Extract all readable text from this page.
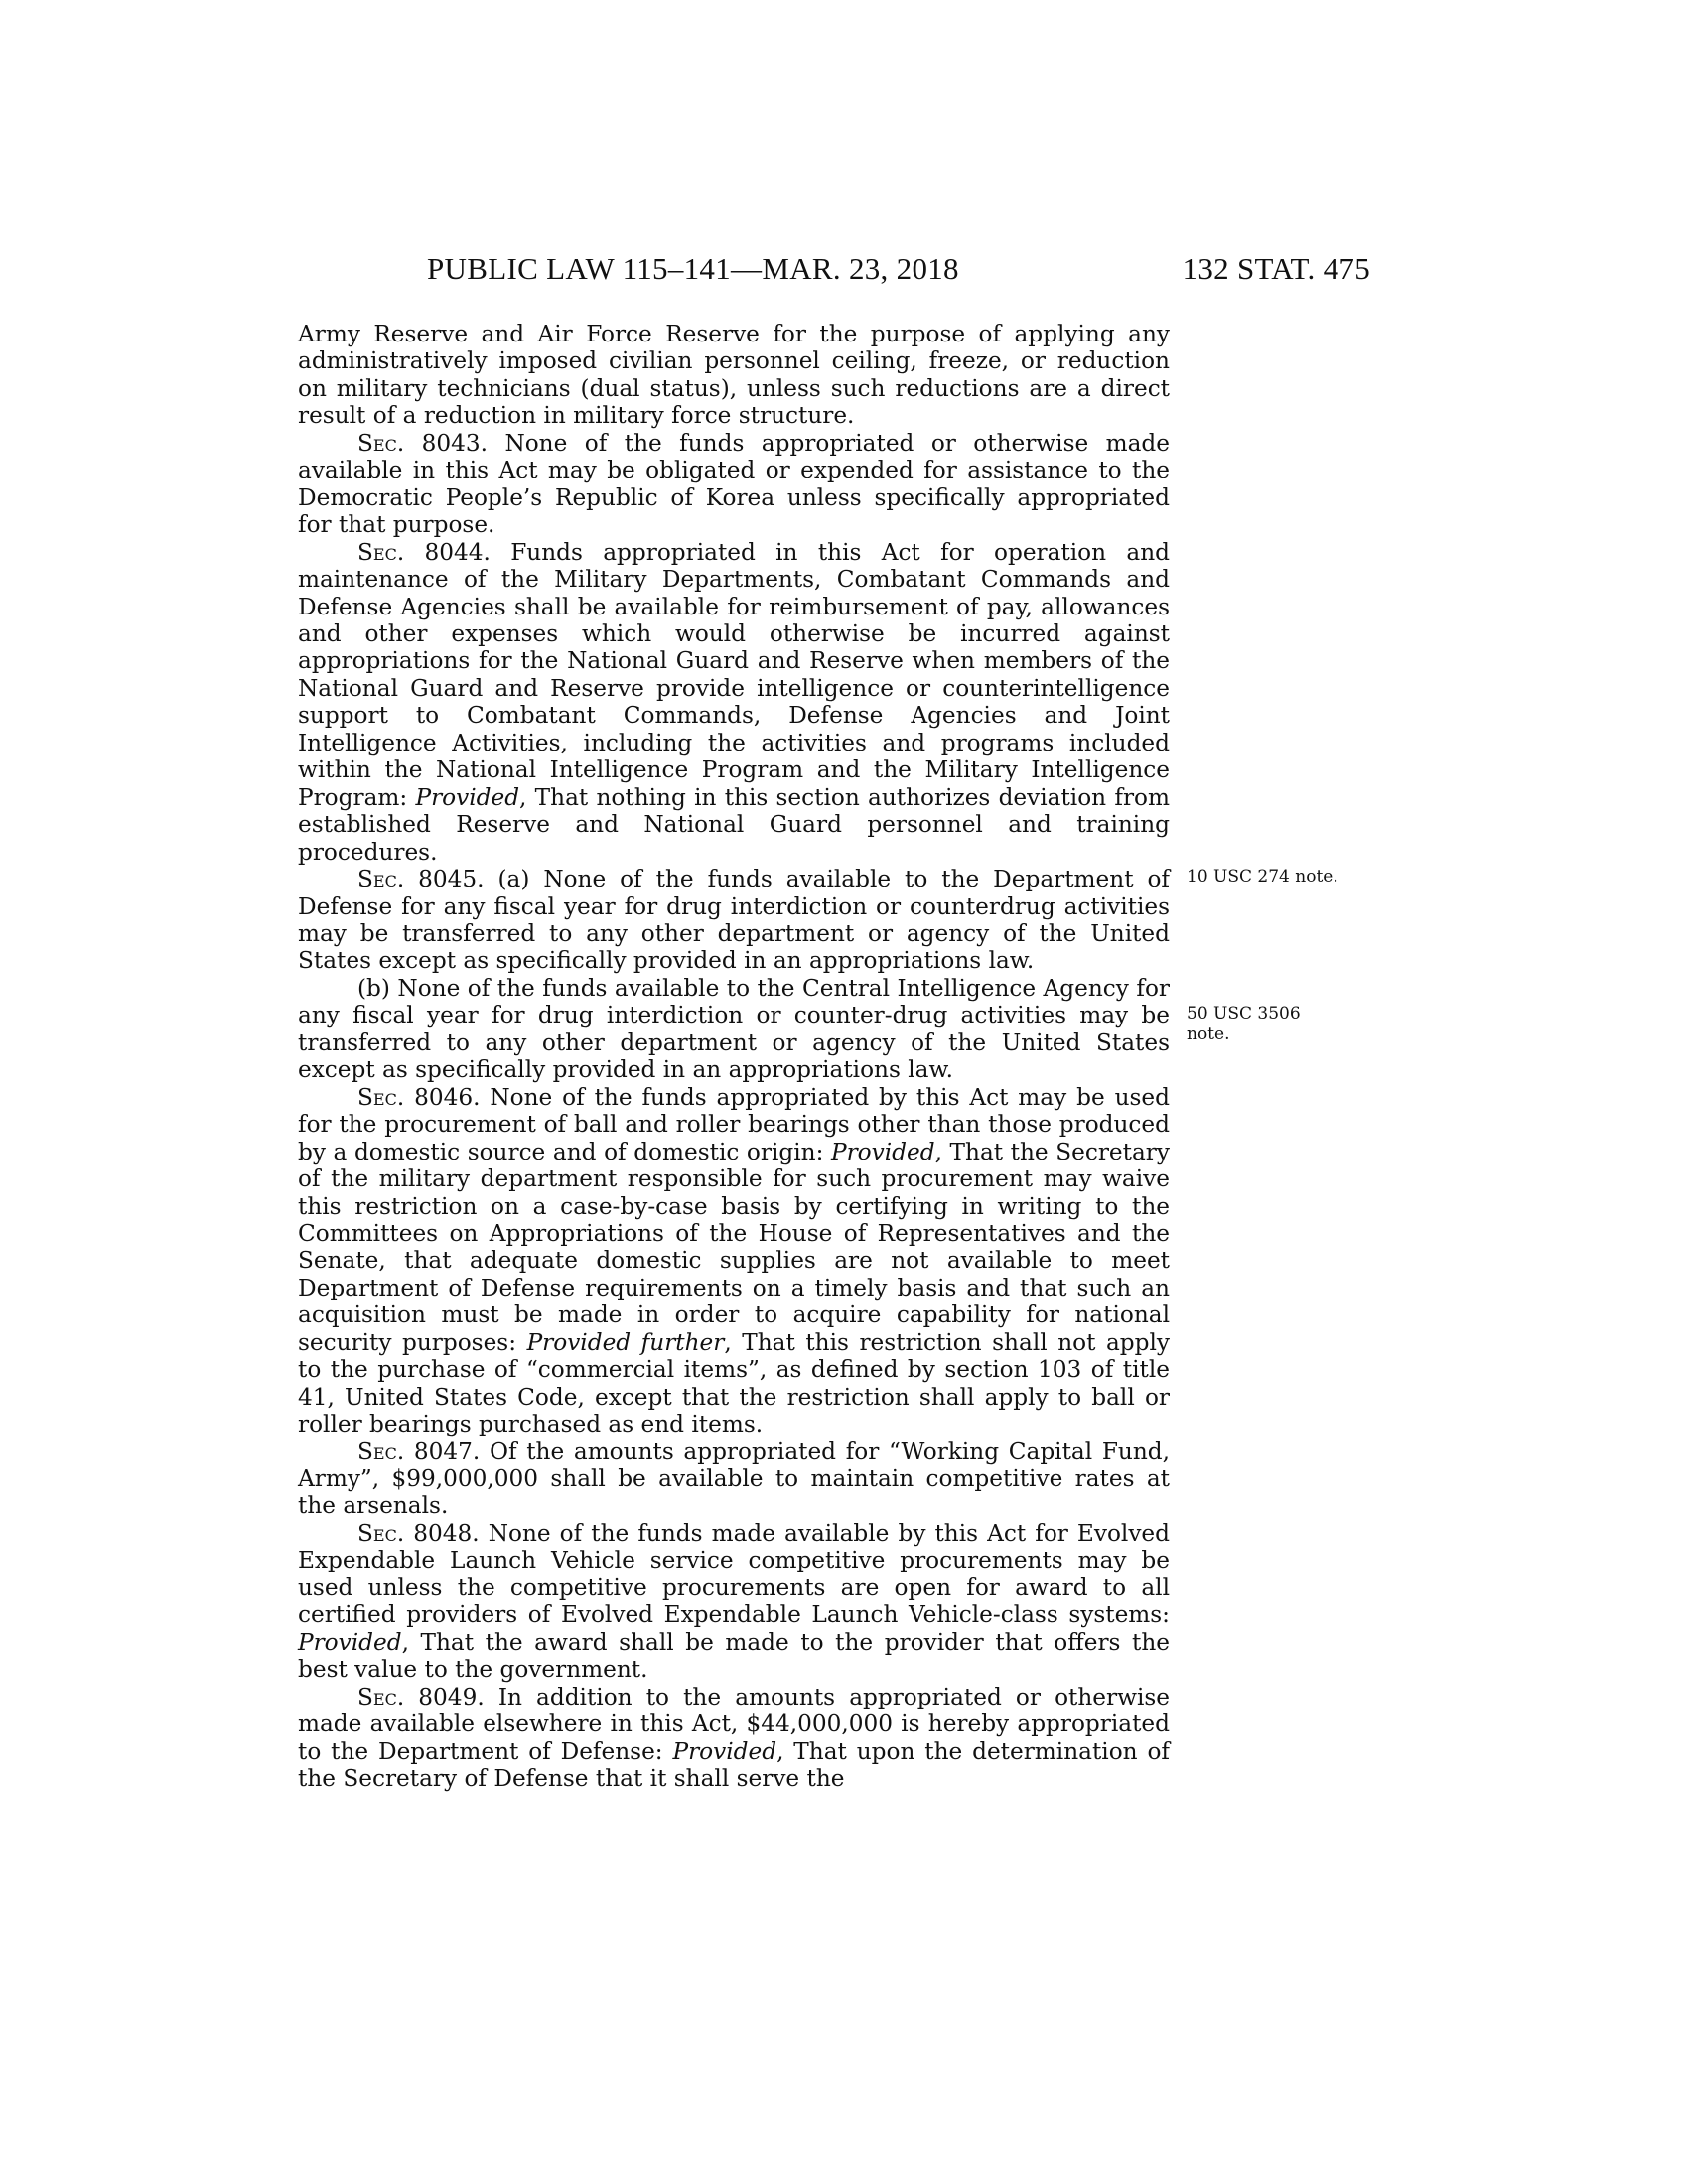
PUBLIC LAW 115–141—MAR. 23, 2018	132 STAT. 475

Army Reserve and Air Force Reserve for the purpose of applying any administratively imposed civilian personnel ceiling, freeze, or reduction on military technicians (dual status), unless such reductions are a direct result of a reduction in military force structure.

Sec. 8043. None of the funds appropriated or otherwise made available in this Act may be obligated or expended for assistance to the Democratic People’s Republic of Korea unless specifically appropriated for that purpose.

Sec. 8044. Funds appropriated in this Act for operation and maintenance of the Military Departments, Combatant Commands and Defense Agencies shall be available for reimbursement of pay, allowances and other expenses which would otherwise be incurred against appropriations for the National Guard and Reserve when members of the National Guard and Reserve provide intelligence or counterintelligence support to Combatant Commands, Defense Agencies and Joint Intelligence Activities, including the activities and programs included within the National Intelligence Program and the Military Intelligence Program: Provided, That nothing in this section authorizes deviation from established Reserve and National Guard personnel and training procedures.

Sec. 8045. (a) None of the funds available to the Department of Defense for any fiscal year for drug interdiction or counterdrug activities may be transferred to any other department or agency of the United States except as specifically provided in an appropriations law.

(b) None of the funds available to the Central Intelligence Agency for any fiscal year for drug interdiction or counter-drug activities may be transferred to any other department or agency of the United States except as specifically provided in an appropriations law.

Sec. 8046. None of the funds appropriated by this Act may be used for the procurement of ball and roller bearings other than those produced by a domestic source and of domestic origin: Provided, That the Secretary of the military department responsible for such procurement may waive this restriction on a case-by-case basis by certifying in writing to the Committees on Appropriations of the House of Representatives and the Senate, that adequate domestic supplies are not available to meet Department of Defense requirements on a timely basis and that such an acquisition must be made in order to acquire capability for national security purposes: Provided further, That this restriction shall not apply to the purchase of “commercial items”, as defined by section 103 of title 41, United States Code, except that the restriction shall apply to ball or roller bearings purchased as end items.

Sec. 8047. Of the amounts appropriated for “Working Capital Fund, Army”, $99,000,000 shall be available to maintain competitive rates at the arsenals.

Sec. 8048. None of the funds made available by this Act for Evolved Expendable Launch Vehicle service competitive procurements may be used unless the competitive procurements are open for award to all certified providers of Evolved Expendable Launch Vehicle-class systems: Provided, That the award shall be made to the provider that offers the best value to the government.

Sec. 8049. In addition to the amounts appropriated or otherwise made available elsewhere in this Act, $44,000,000 is hereby appropriated to the Department of Defense: Provided, That upon the determination of the Secretary of Defense that it shall serve the

10 USC 274 note.
50 USC 3506
note.
